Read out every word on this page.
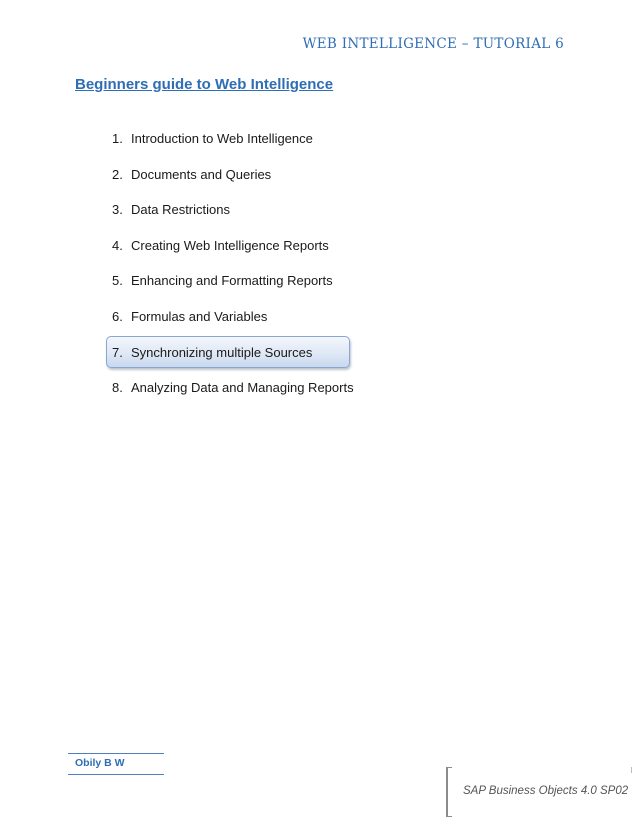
WEB INTELLIGENCE – TUTORIAL 6
Beginners guide to Web Intelligence
1. Introduction to Web Intelligence
2. Documents and Queries
3. Data Restrictions
4. Creating Web Intelligence Reports
5. Enhancing and Formatting Reports
6. Formulas and Variables
7. Synchronizing multiple Sources
8. Analyzing Data and Managing Reports
Obily B W
SAP Business Objects 4.0 SP02
